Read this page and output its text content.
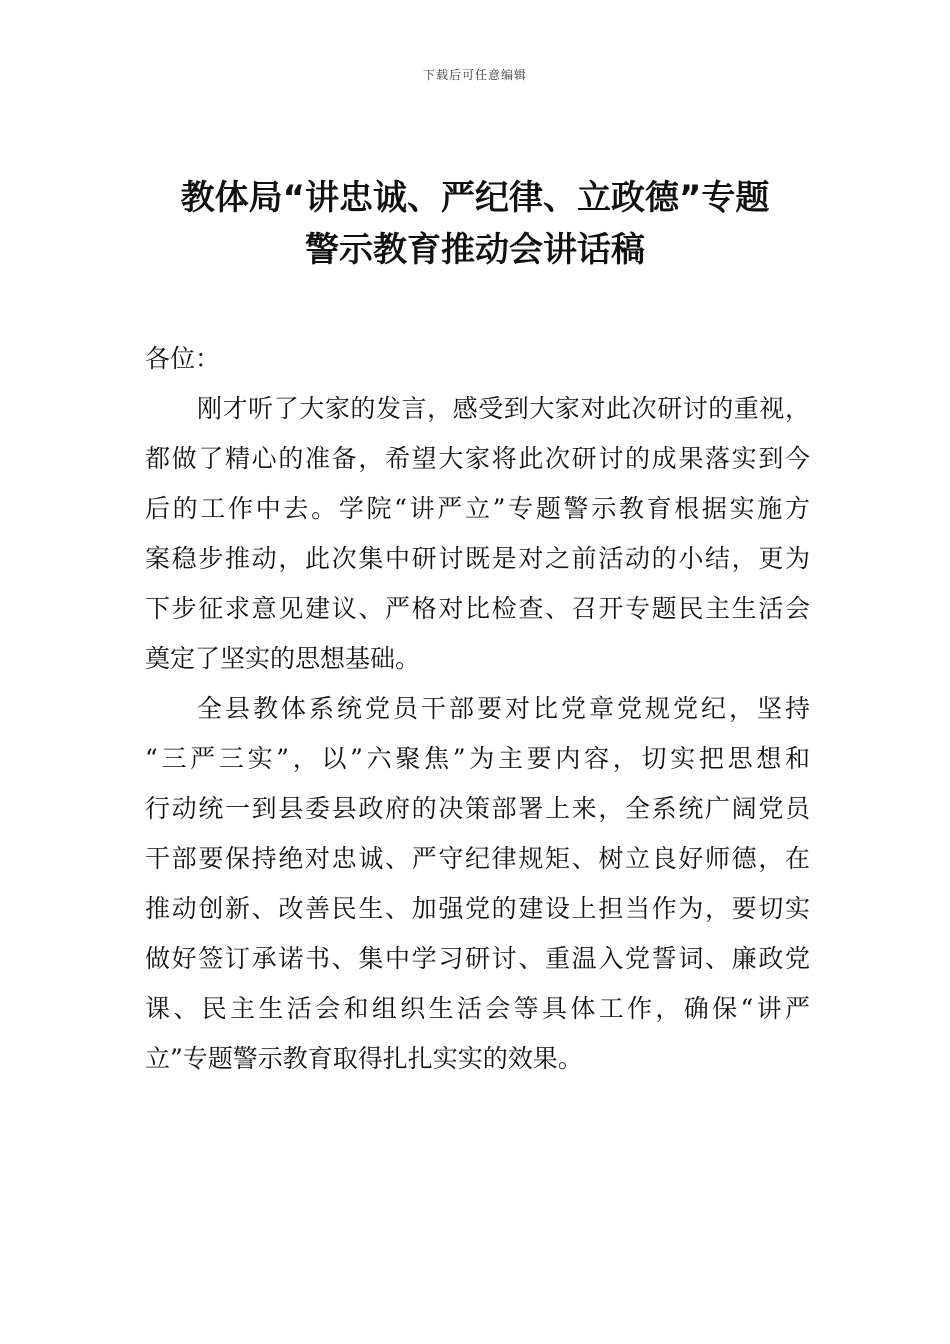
下载后可任意编辑
教体局“讲忠诚、严纪律、立政德”专题
警示教育推动会讲话稿

各位：

刚才听了大家的发言，感受到大家对此次研讨的重视，
都做了精心的准备，希望大家将此次研讨的成果落实到今
后的工作中去。学院“讲严立”专题警示教育根据实施方
案稳步推动，此次集中研讨既是对之前活动的小结，更为
下步征求意见建议、严格对比检查、召开专题民主生活会
奠定了坚实的思想基础。

全县教体系统党员干部要对比党章党规党纪，坚持
“三严三实”，以”六聚焦”为主要内容，切实把思想和
行动统一到县委县政府的决策部署上来，全系统广阔党员
干部要保持绝对忠诚、严守纪律规矩、树立良好师德，在
推动创新、改善民生、加强党的建设上担当作为，要切实
做好签订承诺书、集中学习研讨、重温入党誓词、廉政党
课、民主生活会和组织生活会等具体工作，确保“讲严
立”专题警示教育取得扎扎实实的效果。
